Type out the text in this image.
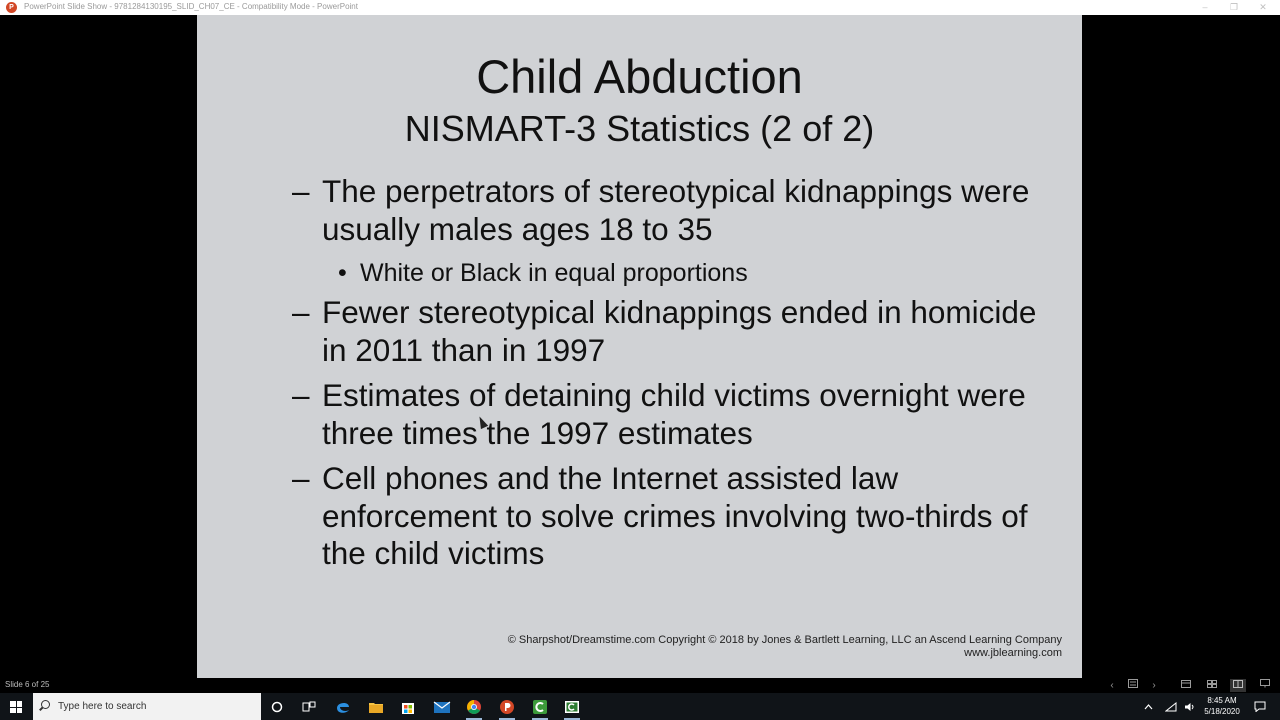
P	PowerPoint Slide Show - 9781284130195_SLID_CH07_CE - Compatibility Mode - PowerPoint	–	❐	✕
Child Abduction
NISMART-3 Statistics (2 of 2)
– The perpetrators of stereotypical kidnappings were usually males ages 18 to 35
• White or Black in equal proportions
– Fewer stereotypical kidnappings ended in homicide in 2011 than in 1997
– Estimates of detaining child victims overnight were three times the 1997 estimates
– Cell phones and the Internet assisted law enforcement to solve crimes involving two-thirds of the child victims
© Sharpshot/Dreamstime.com Copyright © 2018 by Jones & Bartlett Learning, LLC an Ascend Learning Company
www.jblearning.com
Slide 6 of 25	‹	›
Type here to search
8:45 AM
5/18/2020
